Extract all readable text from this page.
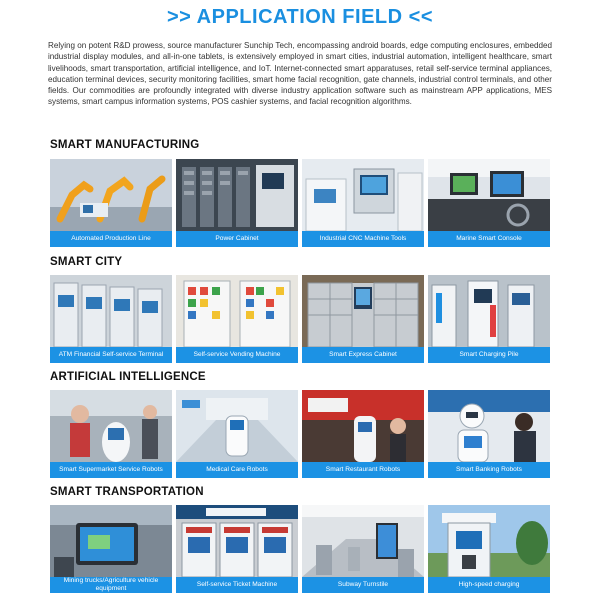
>> APPLICATION FIELD <<
Relying on potent R&D prowess, source manufacturer Sunchip Tech, encompassing android boards, edge computing enclosures, embedded industrial display modules, and all-in-one tablets, is extensively employed in smart cities, industrial automation, intelligent healthcare, smart livelihoods, smart transportation, artificial intelligence, and IoT. Internet-connected smart apparatuses, retail self-service terminal appliances, education terminal devices, security monitoring facilities, smart home facial recognition, gate channels, industrial control terminals, and other fields. Our commodities are profoundly integrated with diverse industry application software such as mainstream APP applications, MES systems, smart campus information systems, POS cashier systems, and facial recognition algorithms.
SMART MANUFACTURING
Automated Production Line	Power Cabinet	Industrial CNC Machine Tools	Marine Smart Console
SMART CITY
ATM Financial Self-service Terminal	Self-service Vending Machine	Smart Express Cabinet	Smart Charging Pile
ARTIFICIAL INTELLIGENCE
Smart Supermarket Service Robots	Medical Care Robots	Smart Restaurant Robots	Smart Banking Robots
SMART TRANSPORTATION
Mining trucks/Agriculture vehicle equipment	Self-service Ticket Machine	Subway Turnstile	High-speed charging
